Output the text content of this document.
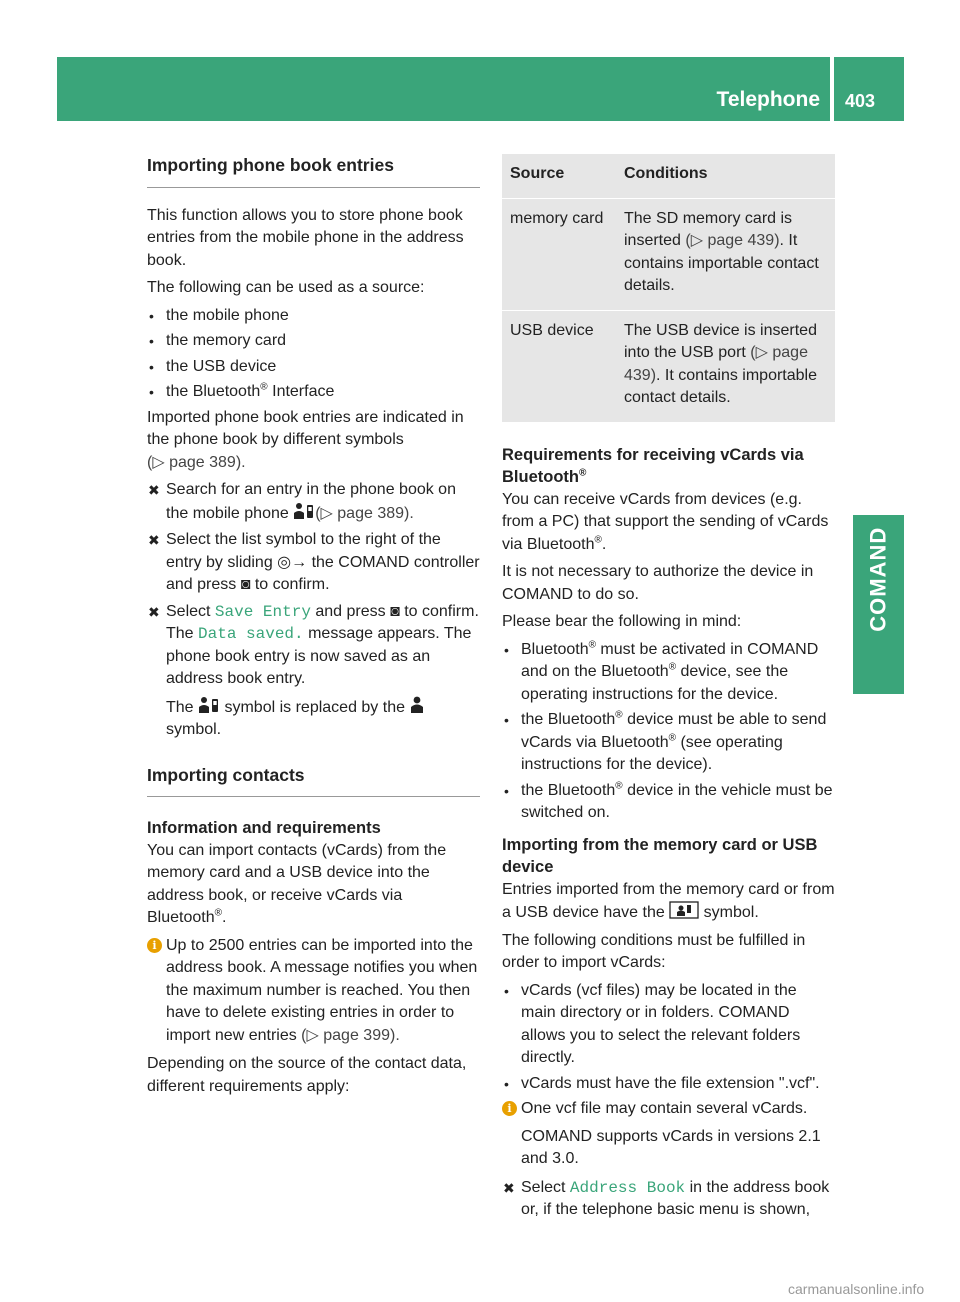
Telephone 403
COMAND
Importing phone book entries

This function allows you to store phone book entries from the mobile phone in the address book.

The following can be used as a source:

• the mobile phone
• the memory card
• the USB device
• the Bluetooth® Interface

Imported phone book entries are indicated in the phone book by different symbols
(▷ page 389).

✖ Search for an entry in the phone book on the mobile phone (▷ page 389).
✖ Select the list symbol to the right of the entry by sliding ◎→ the COMAND controller and press ◙ to confirm.
✖ Select Save Entry and press ◙ to confirm.
The Data saved. message appears. The phone book entry is now saved as an address book entry.
The  symbol is replaced by the
symbol.
Importing contacts
Information and requirements

You can import contacts (vCards) from the memory card and a USB device into the address book, or receive vCards via Bluetooth®.

i Up to 2500 entries can be imported into the address book. A message notifies you when the maximum number is reached. You then have to delete existing entries in order to import new entries (▷ page 399).

Depending on the source of the contact data, different requirements apply:

Source	Conditions
memory card	The SD memory card is inserted (▷ page 439). It contains importable contact details.
USB device	The USB device is inserted into the USB port (▷ page 439). It contains importable contact details.
Requirements for receiving vCards via Bluetooth®

You can receive vCards from devices (e.g. from a PC) that support the sending of vCards via Bluetooth®.

It is not necessary to authorize the device in COMAND to do so.

Please bear the following in mind:

• Bluetooth® must be activated in COMAND and on the Bluetooth® device, see the operating instructions for the device.
• the Bluetooth® device must be able to send vCards via Bluetooth® (see operating instructions for the device).
• the Bluetooth® device in the vehicle must be switched on.
Importing from the memory card or USB device

Entries imported from the memory card or from a USB device have the  symbol.

The following conditions must be fulfilled in order to import vCards:

• vCards (vcf files) may be located in the main directory or in folders. COMAND allows you to select the relevant folders directly.
• vCards must have the file extension ".vcf".
i One vcf file may contain several vCards.
COMAND supports vCards in versions 2.1 and 3.0.
✖ Select Address Book in the address book or, if the telephone basic menu is shown,
carmanualsonline.info
